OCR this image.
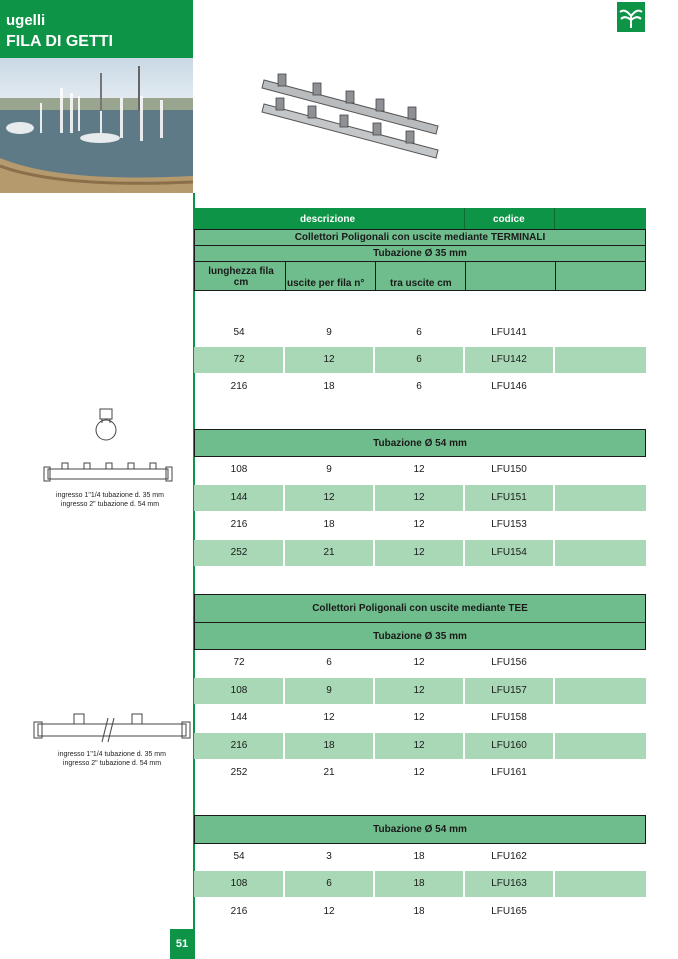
ugelli
FILA DI GETTI
descrizione	codice
Collettori Poligonali con uscite mediante TERMINALI
Tubazione Ø 35 mm
lunghezza fila cm	uscite per fila n°	tra uscite cm
54	9	6	LFU141
72	12	6	LFU142
216	18	6	LFU146
Tubazione Ø 54 mm
108	9	12	LFU150
144	12	12	LFU151
216	18	12	LFU153
252	21	12	LFU154
Collettori Poligonali con uscite mediante TEE
Tubazione Ø 35 mm
72	6	12	LFU156
108	9	12	LFU157
144	12	12	LFU158
216	18	12	LFU160
252	21	12	LFU161
Tubazione Ø 54 mm
54	3	18	LFU162
108	6	18	LFU163
216	12	18	LFU165
ingresso 1"1/4 tubazione d. 35 mm
ingresso 2" tubazione d. 54 mm
ingresso 1"1/4 tubazione d. 35 mm
ingresso 2" tubazione d. 54 mm
51
